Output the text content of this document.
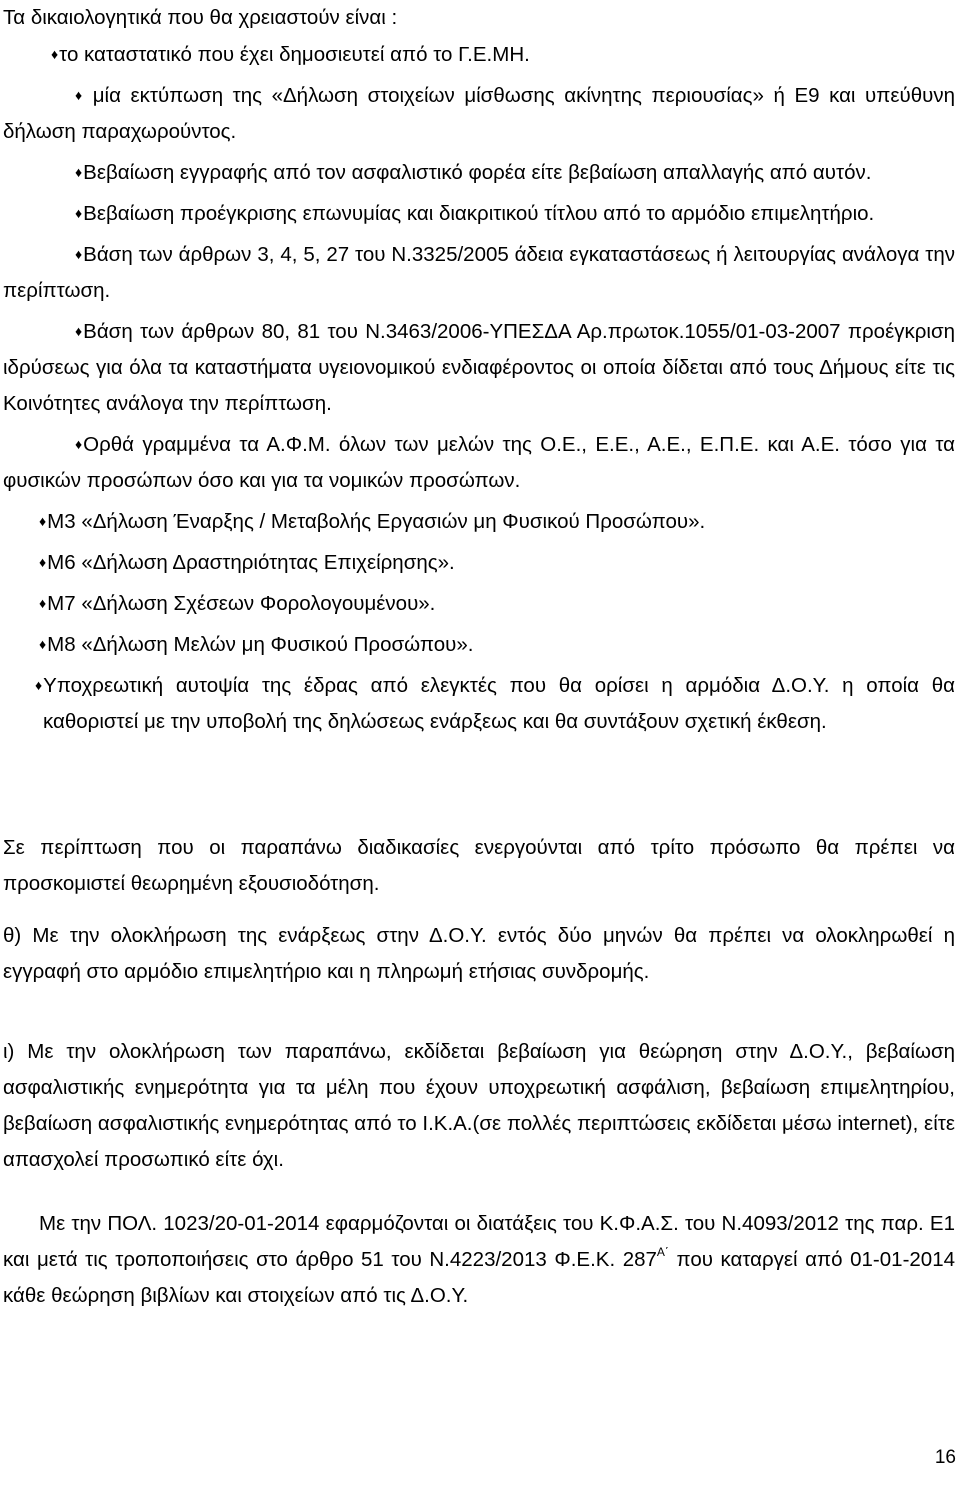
Τα δικαιολογητικά που θα χρειαστούν είναι :

♦το καταστατικό που έχει δημοσιευτεί από το Γ.Ε.ΜΗ.
♦ μία εκτύπωση της «Δήλωση στοιχείων μίσθωσης ακίνητης περιουσίας» ή Ε9 και υπεύθυνη δήλωση παραχωρούντος.
♦Βεβαίωση εγγραφής από τον ασφαλιστικό φορέα είτε βεβαίωση απαλλαγής από αυτόν.
♦Βεβαίωση προέγκρισης επωνυμίας και διακριτικού τίτλου από το αρμόδιο επιμελητήριο.
♦Βάση των άρθρων 3, 4, 5, 27 του Ν.3325/2005 άδεια εγκαταστάσεως ή λειτουργίας ανάλογα την περίπτωση.
♦Βάση των άρθρων 80, 81 του Ν.3463/2006-ΥΠΕΣΔΑ Αρ.πρωτοκ.1055/01-03-2007 προέγκριση ιδρύσεως για όλα τα καταστήματα υγειονομικού ενδιαφέροντος οι οποία δίδεται από τους Δήμους είτε τις Κοινότητες ανάλογα την περίπτωση.
♦Ορθά γραμμένα τα Α.Φ.Μ. όλων των μελών της Ο.Ε., Ε.Ε., Α.Ε., Ε.Π.Ε. και Α.Ε. τόσο για τα φυσικών προσώπων όσο και για τα νομικών προσώπων.
♦Μ3 «Δήλωση Έναρξης / Μεταβολής Εργασιών μη Φυσικού Προσώπου».
♦Μ6 «Δήλωση Δραστηριότητας Επιχείρησης».
♦Μ7 «Δήλωση Σχέσεων Φορολογουμένου».
♦Μ8 «Δήλωση Μελών μη Φυσικού Προσώπου».
♦Υποχρεωτική αυτοψία της έδρας από ελεγκτές που θα ορίσει η αρμόδια Δ.Ο.Υ. η οποία θα καθοριστεί με την υποβολή της δηλώσεως ενάρξεως και θα συντάξουν σχετική έκθεση.

Σε περίπτωση που οι παραπάνω διαδικασίες ενεργούνται από τρίτο πρόσωπο θα πρέπει να προσκομιστεί θεωρημένη εξουσιοδότηση.

θ) Με την ολοκλήρωση της ενάρξεως στην Δ.Ο.Υ. εντός δύο μηνών θα πρέπει να ολοκληρωθεί η εγγραφή στο αρμόδιο επιμελητήριο και η πληρωμή ετήσιας συνδρομής.

ι) Με την ολοκλήρωση των παραπάνω, εκδίδεται βεβαίωση για θεώρηση στην Δ.Ο.Υ., βεβαίωση ασφαλιστικής ενημερότητα για τα μέλη που έχουν υποχρεωτική ασφάλιση, βεβαίωση επιμελητηρίου, βεβαίωση ασφαλιστικής ενημερότητας από το Ι.Κ.Α.(σε πολλές περιπτώσεις εκδίδεται μέσω internet), είτε απασχολεί προσωπικό είτε όχι.

Με την ΠΟΛ. 1023/20-01-2014 εφαρμόζονται οι διατάξεις του Κ.Φ.Α.Σ. του Ν.4093/2012 της παρ. Ε1 και μετά τις τροποποιήσεις στο άρθρο 51 του Ν.4223/2013 Φ.Ε.Κ. $287^{A΄}$ που καταργεί από 01-01-2014 κάθε θεώρηση βιβλίων και στοιχείων από τις Δ.Ο.Υ.

16
